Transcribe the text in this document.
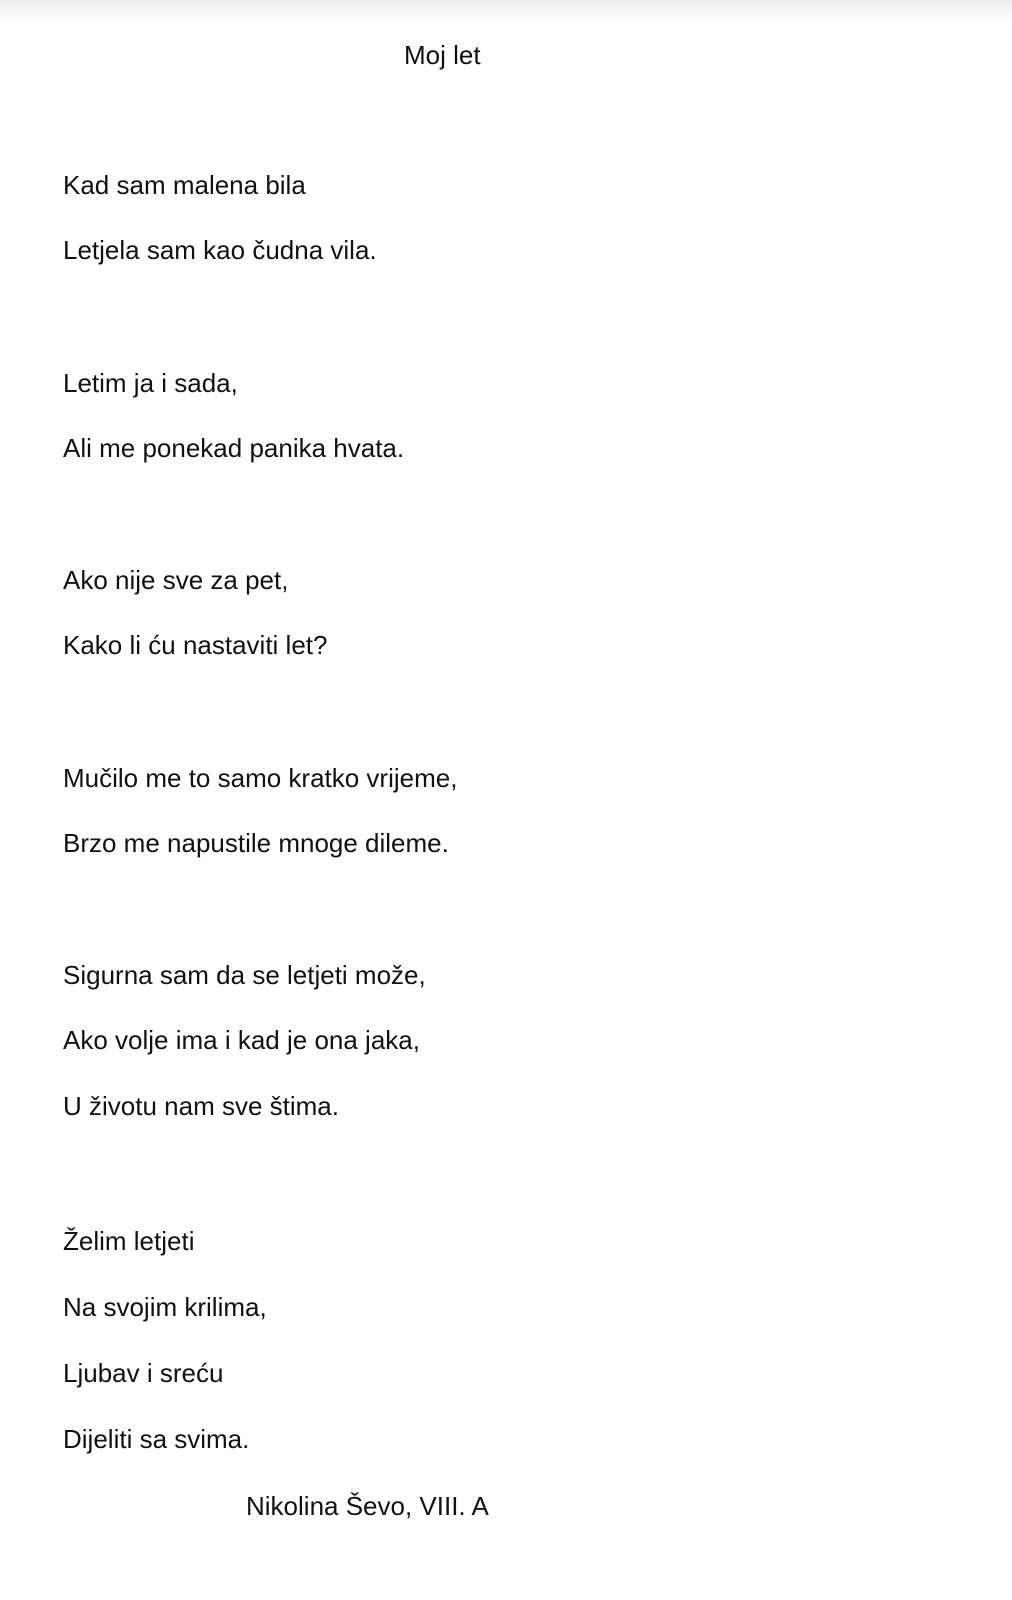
Moj let
Kad sam malena bila
Letjela sam kao čudna vila.
Letim ja i sada,
Ali me ponekad panika hvata.
Ako nije sve za pet,
Kako li ću nastaviti let?
Mučilo me to samo kratko vrijeme,
Brzo me napustile mnoge dileme.
Sigurna sam da se letjeti može,
Ako volje ima i kad je ona jaka,
U životu nam sve štima.
Želim letjeti
Na svojim krilima,
Ljubav i sreću
Dijeliti sa svima.
Nikolina Ševo, VIII. A
